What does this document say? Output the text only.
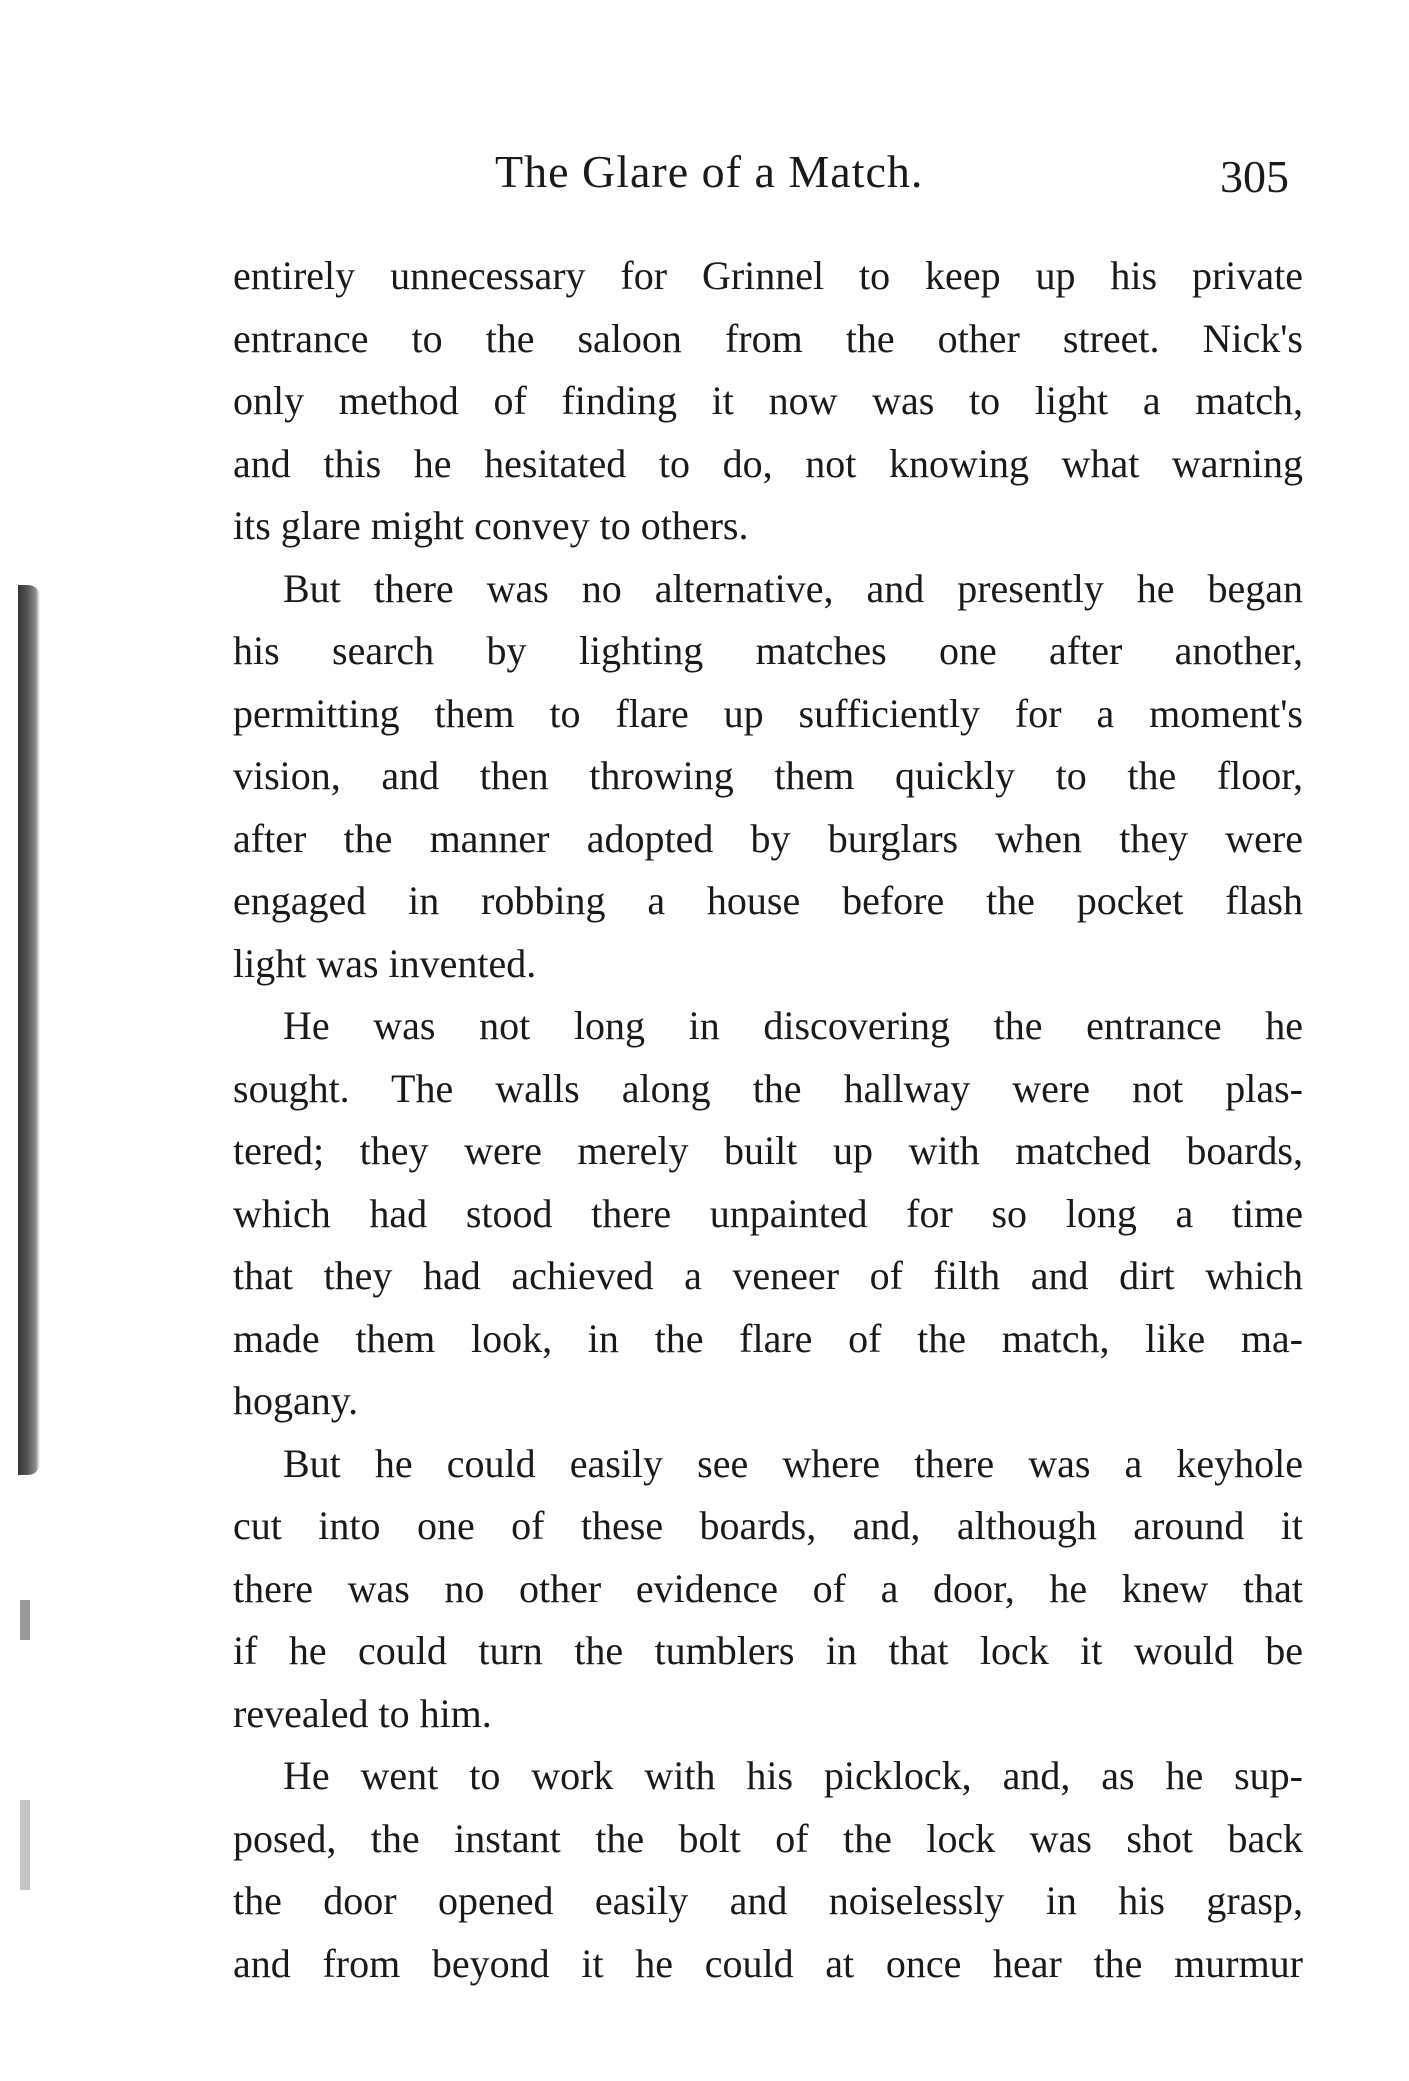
The Glare of a Match.	305

entirely unnecessary for Grinnel to keep up his private
entrance to the saloon from the other street. Nick's
only method of finding it now was to light a match,
and this he hesitated to do, not knowing what warning
its glare might convey to others.

But there was no alternative, and presently he began
his search by lighting matches one after another,
permitting them to flare up sufficiently for a moment's
vision, and then throwing them quickly to the floor,
after the manner adopted by burglars when they were
engaged in robbing a house before the pocket flash
light was invented.

He was not long in discovering the entrance he
sought. The walls along the hallway were not plas-
tered; they were merely built up with matched boards,
which had stood there unpainted for so long a time
that they had achieved a veneer of filth and dirt which
made them look, in the flare of the match, like ma-
hogany.

But he could easily see where there was a keyhole
cut into one of these boards, and, although around it
there was no other evidence of a door, he knew that
if he could turn the tumblers in that lock it would be
revealed to him.

He went to work with his picklock, and, as he sup-
posed, the instant the bolt of the lock was shot back
the door opened easily and noiselessly in his grasp,
and from beyond it he could at once hear the murmur
